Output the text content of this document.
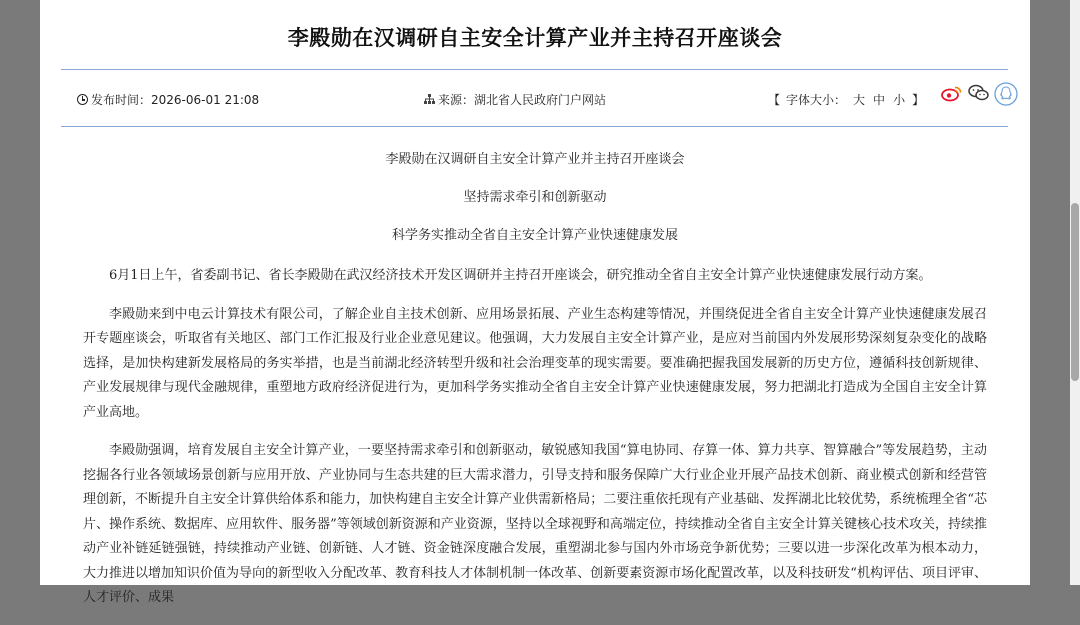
李殿勋在汉调研自主安全计算产业并主持召开座谈会
发布时间： 2026-06-01 21:08	来源： 湖北省人民政府门户网站	【 字体大小： 大 中 小 】

李殿勋在汉调研自主安全计算产业并主持召开座谈会

坚持需求牵引和创新驱动

科学务实推动全省自主安全计算产业快速健康发展

6月1日上午，省委副书记、省长李殿勋在武汉经济技术开发区调研并主持召开座谈会，研究推动全省自主安全计算产业快速健康发展行动方案。

李殿勋来到中电云计算技术有限公司，了解企业自主技术创新、应用场景拓展、产业生态构建等情况，并围绕促进全省自主安全计算产业快速健康发展召开专题座谈会，听取省有关地区、部门工作汇报及行业企业意见建议。他强调，大力发展自主安全计算产业，是应对当前国内外发展形势深刻复杂变化的战略选择，是加快构建新发展格局的务实举措，也是当前湖北经济转型升级和社会治理变革的现实需要。要准确把握我国发展新的历史方位，遵循科技创新规律、产业发展规律与现代金融规律，重塑地方政府经济促进行为，更加科学务实推动全省自主安全计算产业快速健康发展，努力把湖北打造成为全国自主安全计算产业高地。

李殿勋强调，培育发展自主安全计算产业，一要坚持需求牵引和创新驱动，敏锐感知我国“算电协同、存算一体、算力共享、智算融合”等发展趋势，主动挖掘各行业各领域场景创新与应用开放、产业协同与生态共建的巨大需求潜力，引导支持和服务保障广大行业企业开展产品技术创新、商业模式创新和经营管理创新，不断提升自主安全计算供给体系和能力，加快构建自主安全计算产业供需新格局；二要注重依托现有产业基础、发挥湖北比较优势，系统梳理全省“芯片、操作系统、数据库、应用软件、服务器”等领域创新资源和产业资源，坚持以全球视野和高端定位，持续推动全省自主安全计算关键核心技术攻关，持续推动产业补链延链强链，持续推动产业链、创新链、人才链、资金链深度融合发展，重塑湖北参与国内外市场竞争新优势；三要以进一步深化改革为根本动力，大力推进以增加知识价值为导向的新型收入分配改革、教育科技人才体制机制一体改革、创新要素资源市场化配置改革，以及科技研发“机构评估、项目评审、人才评价、成果
